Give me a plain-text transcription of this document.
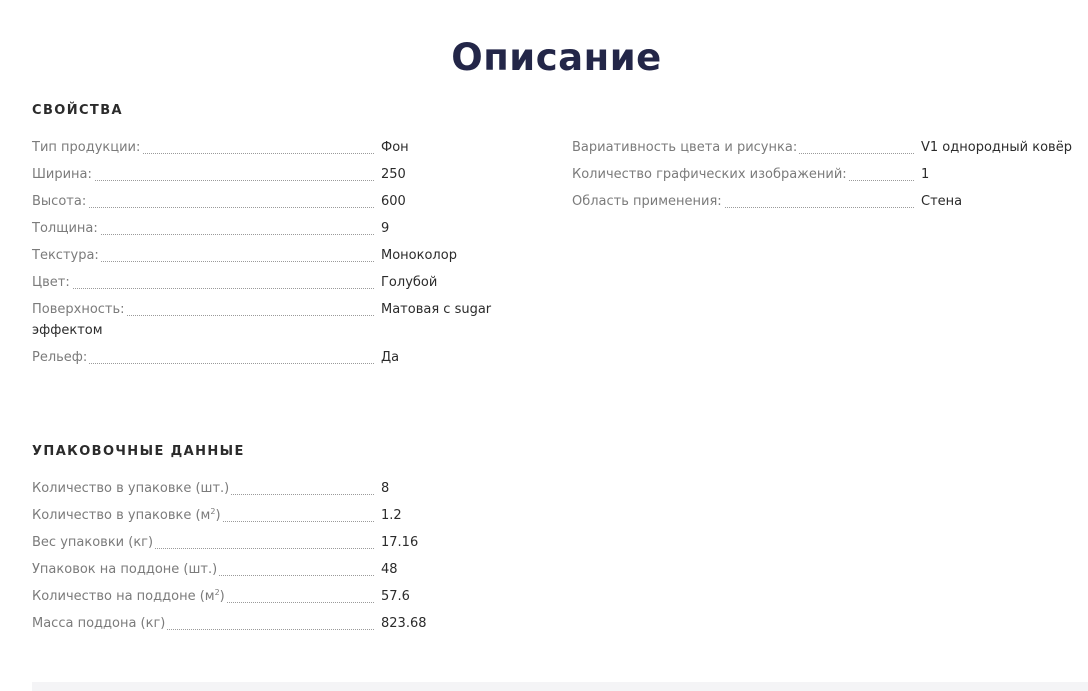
Описание
СВОЙСТВА
Тип продукции:	Фон
Ширина:	250
Высота:	600
Толщина:	9
Текстура:	Моноколор
Цвет:	Голубой
Поверхность:	Матовая с sugar
эффектом
Рельеф:	Да
Вариативность цвета и рисунка:	V1 однородный ковёр
Количество графических изображений:	1
Область применения:	Стена
УПАКОВОЧНЫЕ ДАННЫЕ
Количество в упаковке (шт.)	8
Количество в упаковке $(м^2)$	1.2
Вес упаковки (кг)	17.16
Упаковок на поддоне (шт.)	48
Количество на поддоне $(м^2)$	57.6
Масса поддона (кг)	823.68
